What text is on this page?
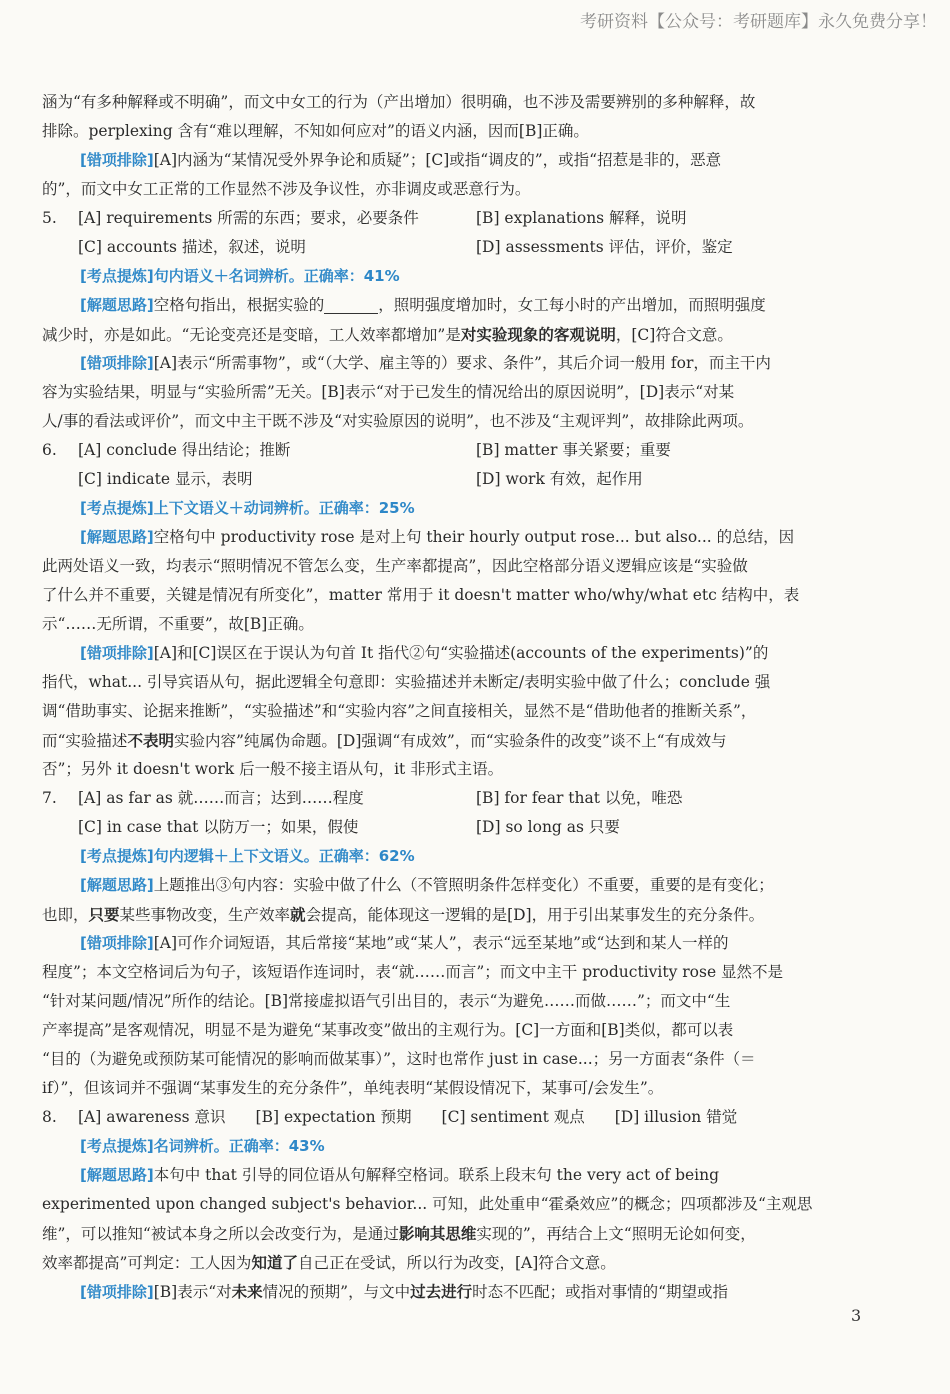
考研资料【公众号：考研题库】永久免费分享！
涵为“有多种解释或不明确”，而文中女工的行为（产出增加）很明确，也不涉及需要辨别的多种解释，故
排除。perplexing 含有“难以理解，不知如何应对”的语义内涵，因而[B]正确。
[错项排除][A]内涵为“某情况受外界争论和质疑”；[C]或指“调皮的”，或指“招惹是非的，恶意
的”，而文中女工正常的工作显然不涉及争议性，亦非调皮或恶意行为。
5.	[A] requirements 所需的东西；要求，必要条件	[B] explanations 解释，说明
[C] accounts 描述，叙述，说明	[D] assessments 评估，评价，鉴定
[考点提炼]句内语义＋名词辨析。正确率：41%
[解题思路]空格句指出，根据实验的	，照明强度增加时，女工每小时的产出增加，而照明强度
减少时，亦是如此。“无论变亮还是变暗，工人效率都增加”是对实验现象的客观说明，[C]符合文意。
[错项排除][A]表示“所需事物”，或“（大学、雇主等的）要求、条件”，其后介词一般用 for，而主干内
容为实验结果，明显与“实验所需”无关。[B]表示“对于已发生的情况给出的原因说明”，[D]表示“对某
人/事的看法或评价”，而文中主干既不涉及“对实验原因的说明”，也不涉及“主观评判”，故排除此两项。
6.	[A] conclude 得出结论；推断	[B] matter 事关紧要；重要
[C] indicate 显示，表明	[D] work 有效，起作用
[考点提炼]上下文语义＋动词辨析。正确率：25%
[解题思路]空格句中 productivity rose 是对上句 their hourly output rose... but also... 的总结，因
此两处语义一致，均表示“照明情况不管怎么变，生产率都提高”，因此空格部分语义逻辑应该是“实验做
了什么并不重要，关键是情况有所变化”，matter 常用于 it doesn't matter who/why/what etc 结构中，表
示“……无所谓，不重要”，故[B]正确。
[错项排除][A]和[C]误区在于误认为句首 It 指代②句“实验描述(accounts of the experiments)”的
指代，what... 引导宾语从句，据此逻辑全句意即：实验描述并未断定/表明实验中做了什么；conclude 强
调“借助事实、论据来推断”，“实验描述”和“实验内容”之间直接相关，显然不是“借助他者的推断关系”，
而“实验描述不表明实验内容”纯属伪命题。[D]强调“有成效”，而“实验条件的改变”谈不上“有成效与
否”；另外 it doesn't work 后一般不接主语从句，it 非形式主语。
7.	[A] as far as 就……而言；达到……程度	[B] for fear that 以免，唯恐
[C] in case that 以防万一；如果，假使	[D] so long as 只要
[考点提炼]句内逻辑＋上下文语义。正确率：62%
[解题思路]上题推出③句内容：实验中做了什么（不管照明条件怎样变化）不重要，重要的是有变化；
也即，只要某些事物改变，生产效率就会提高，能体现这一逻辑的是[D]，用于引出某事发生的充分条件。
[错项排除][A]可作介词短语，其后常接“某地”或“某人”，表示“远至某地”或“达到和某人一样的
程度”；本文空格词后为句子，该短语作连词时，表“就……而言”；而文中主干 productivity rose 显然不是
“针对某问题/情况”所作的结论。[B]常接虚拟语气引出目的，表示“为避免……而做……”；而文中“生
产率提高”是客观情况，明显不是为避免“某事改变”做出的主观行为。[C]一方面和[B]类似，都可以表
“目的（为避免或预防某可能情况的影响而做某事）”，这时也常作 just in case...；另一方面表“条件（＝
if）”，但该词并不强调“某事发生的充分条件”，单纯表明“某假设情况下，某事可/会发生”。
8.	[A] awareness 意识 [B] expectation 预期 [C] sentiment 观点 [D] illusion 错觉
[考点提炼]名词辨析。正确率：43%
[解题思路]本句中 that 引导的同位语从句解释空格词。联系上段末句 the very act of being
experimented upon changed subject's behavior... 可知，此处重申“霍桑效应”的概念；四项都涉及“主观思
维”，可以推知“被试本身之所以会改变行为，是通过影响其思维实现的”，再结合上文“照明无论如何变，
效率都提高”可判定：工人因为知道了自己正在受试，所以行为改变，[A]符合文意。
[错项排除][B]表示“对未来情况的预期”，与文中过去进行时态不匹配；或指对事情的“期望或指
3
